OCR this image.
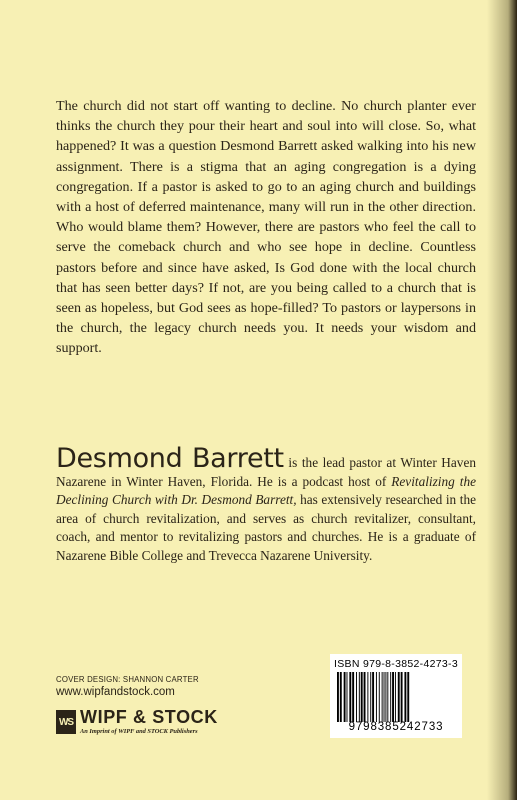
The church did not start off wanting to decline. No church planter ever thinks the church they pour their heart and soul into will close. So, what happened? It was a question Desmond Barrett asked walking into his new assignment. There is a stigma that an aging congregation is a dying congregation. If a pastor is asked to go to an aging church and buildings with a host of deferred maintenance, many will run in the other direction. Who would blame them? However, there are pastors who feel the call to serve the comeback church and who see hope in decline. Countless pastors before and since have asked, Is God done with the local church that has seen better days? If not, are you being called to a church that is seen as hopeless, but God sees as hope-filled? To pastors or laypersons in the church, the legacy church needs you. It needs your wisdom and support.

Desmond Barrett is the lead pastor at Winter Haven Nazarene in Winter Haven, Florida. He is a podcast host of Revitalizing the Declining Church with Dr. Desmond Barrett, has extensively researched in the area of church revitalization, and serves as church revitalizer, consultant, coach, and mentor to revitalizing pastors and churches. He is a graduate of Nazarene Bible College and Trevecca Nazarene University.

COVER DESIGN: SHANNON CARTER
www.wipfandstock.com
WS WIPF & STOCK
An Imprint of WIPF and STOCK Publishers
ISBN 979-8-3852-4273-3
9798385242733
